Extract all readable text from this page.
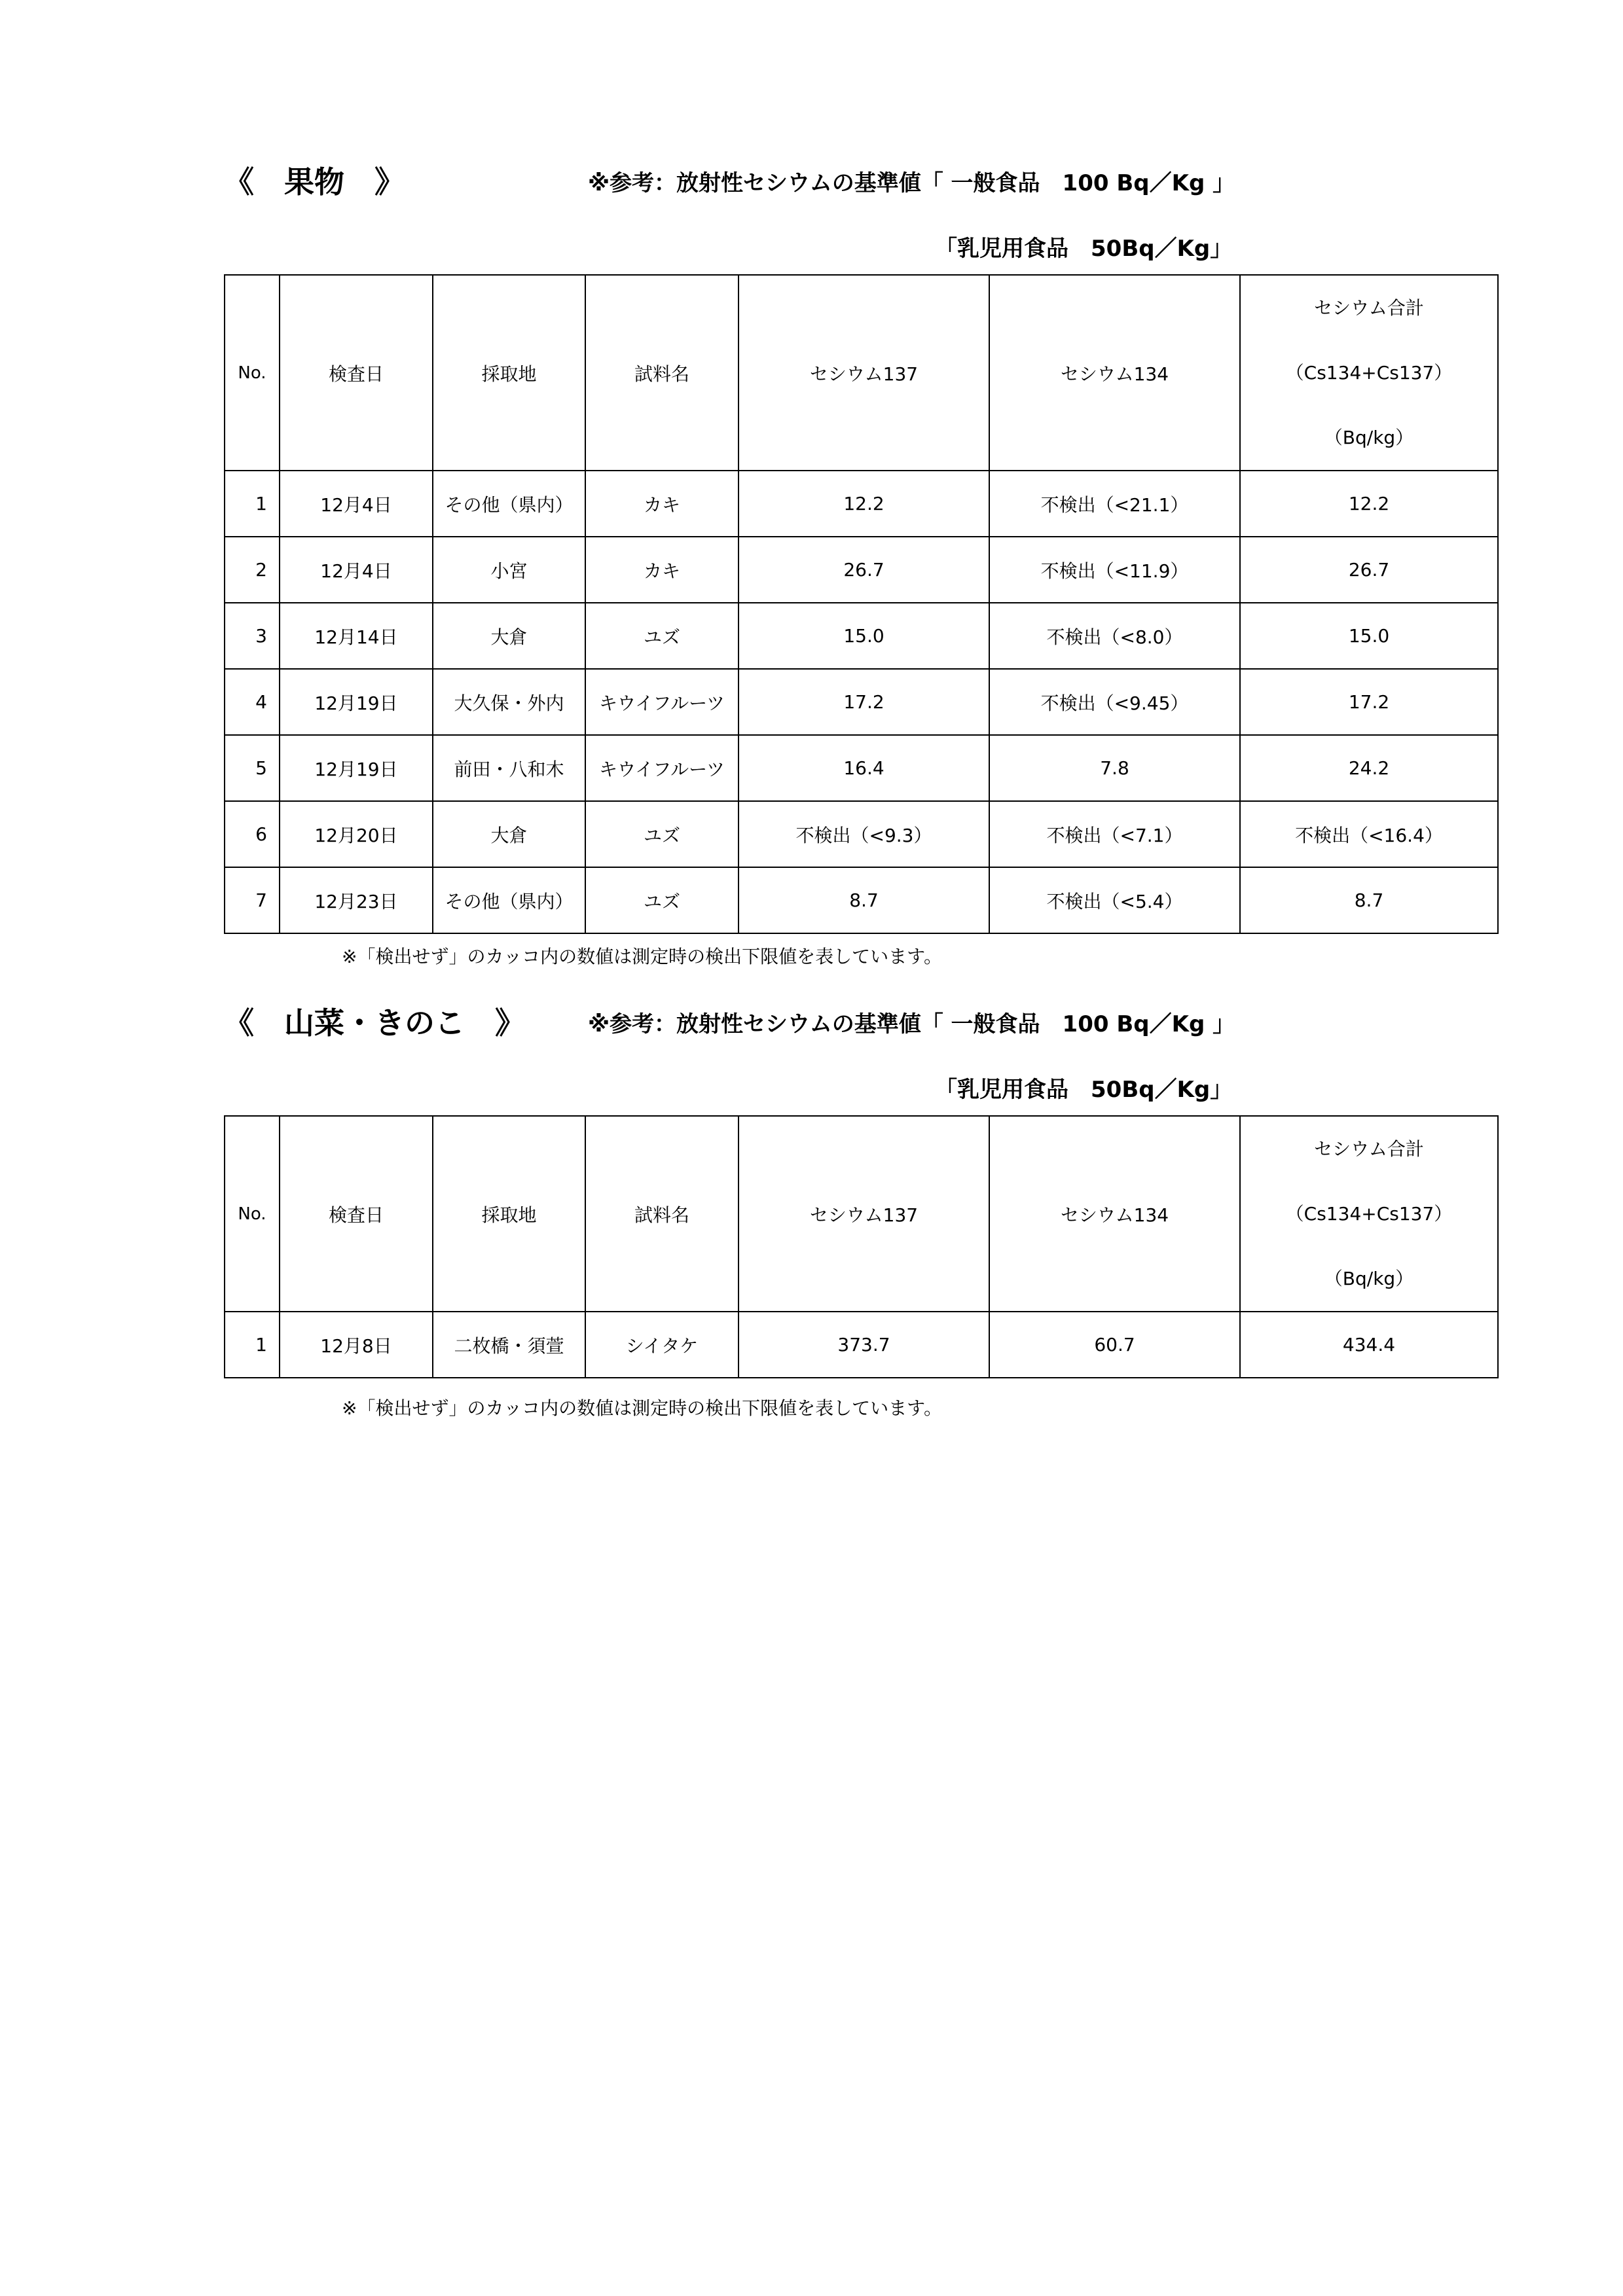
《　果物　》	※参考：放射性セシウムの基準値「 一般食品　100 Bq／Kg 」
「乳児用食品　50Bq／Kg」
No.	検査日	採取地	試料名	セシウム137	セシウム134	セシウム合計
（Cs134+Cs137）
（Bq/kg）

1	12月4日	その他（県内）	カキ	12.2	不検出（<21.1）	12.2
2	12月4日	小宮	カキ	26.7	不検出（<11.9）	26.7
3	12月14日	大倉	ユズ	15.0	不検出（<8.0）	15.0
4	12月19日	大久保・外内	キウイフルーツ	17.2	不検出（<9.45）	17.2
5	12月19日	前田・八和木	キウイフルーツ	16.4	7.8	24.2
6	12月20日	大倉	ユズ	不検出（<9.3）	不検出（<7.1）	不検出（<16.4）
7	12月23日	その他（県内）	ユズ	8.7	不検出（<5.4）	8.7
※「検出せず」のカッコ内の数値は測定時の検出下限値を表しています。
《　山菜・きのこ　》	※参考：放射性セシウムの基準値「 一般食品　100 Bq／Kg 」
「乳児用食品　50Bq／Kg」
No.	検査日	採取地	試料名	セシウム137	セシウム134	セシウム合計
（Cs134+Cs137）
（Bq/kg）

1	12月8日	二枚橋・須萱	シイタケ	373.7	60.7	434.4
※「検出せず」のカッコ内の数値は測定時の検出下限値を表しています。
